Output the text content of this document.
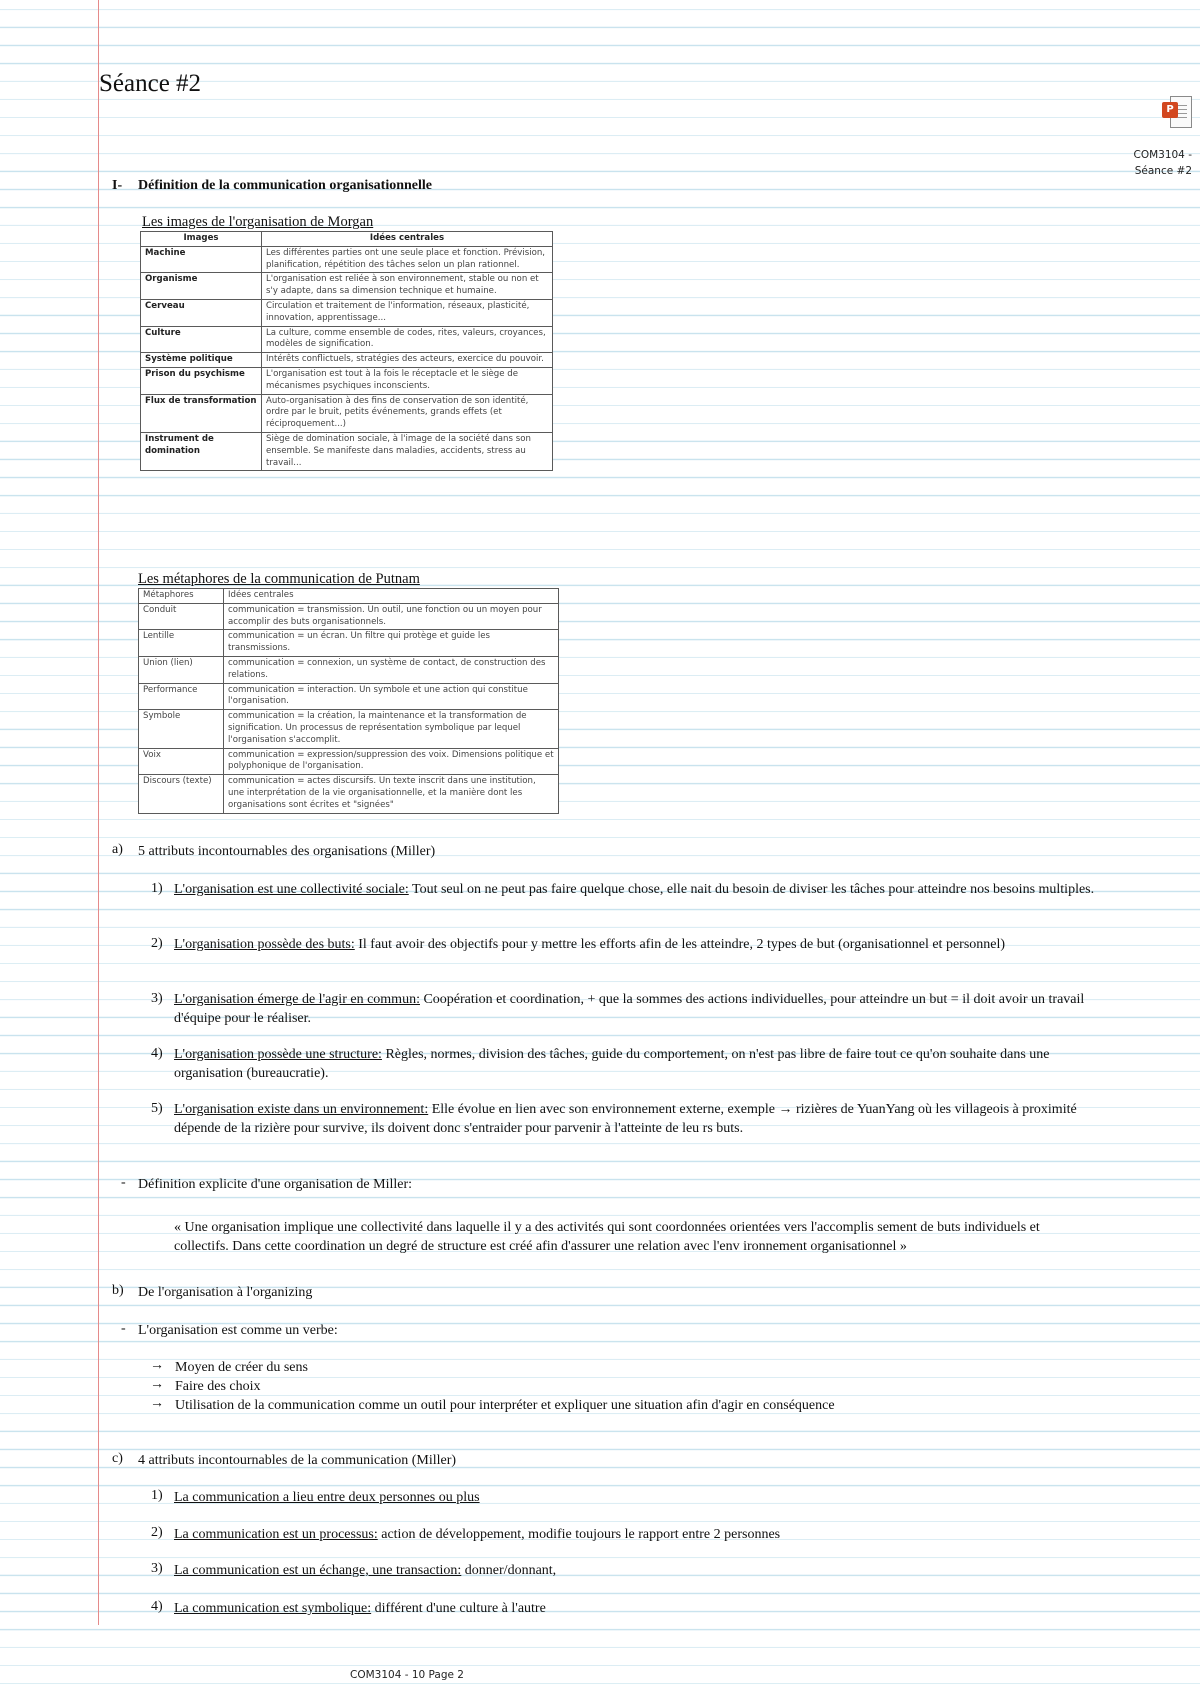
Séance #2
P
COM3104 -
Séance #2
I- Définition de la communication organisationnelle
Les images de l'organisation de Morgan
Images	Idées centrales
Machine	Les différentes parties ont une seule place et fonction. Prévision, planification, répétition des tâches selon un plan rationnel.
Organisme	L'organisation est reliée à son environnement, stable ou non et s'y adapte, dans sa dimension technique et humaine.
Cerveau	Circulation et traitement de l'information, réseaux, plasticité, innovation, apprentissage...
Culture	La culture, comme ensemble de codes, rites, valeurs, croyances, modèles de signification.
Système politique	Intérêts conflictuels, stratégies des acteurs, exercice du pouvoir.
Prison du psychisme	L'organisation est tout à la fois le réceptacle et le siège de mécanismes psychiques inconscients.
Flux de transformation	Auto-organisation à des fins de conservation de son identité, ordre par le bruit, petits événements, grands effets (et réciproquement...)
Instrument de domination	Siège de domination sociale, à l'image de la société dans son ensemble. Se manifeste dans maladies, accidents, stress au travail...
Les métaphores de la communication de Putnam
Métaphores	Idées centrales
Conduit	communication = transmission. Un outil, une fonction ou un moyen pour accomplir des buts organisationnels.
Lentille	communication = un écran. Un filtre qui protège et guide les transmissions.
Union (lien)	communication = connexion, un système de contact, de construction des relations.
Performance	communication = interaction. Un symbole et une action qui constitue l'organisation.
Symbole	communication = la création, la maintenance et la transformation de signification. Un processus de représentation symbolique par lequel l'organisation s'accomplit.
Voix	communication = expression/suppression des voix. Dimensions politique et polyphonique de l'organisation.
Discours (texte)	communication = actes discursifs. Un texte inscrit dans une institution, une interprétation de la vie organisationnelle, et la manière dont les organisations sont écrites et "signées"
a) 5 attributs incontournables des organisations (Miller)
1) L'organisation est une collectivité sociale: Tout seul on ne peut pas faire quelque chose, elle nait du besoin de diviser les tâches pour atteindre nos besoins multiples.
2) L'organisation possède des buts: Il faut avoir des objectifs pour y mettre les efforts afin de les atteindre, 2 types de but (organisationnel et personnel)
3) L'organisation émerge de l'agir en commun: Coopération et coordination, + que la sommes des actions individuelles, pour atteindre un but = il doit avoir un travail d'équipe pour le réaliser.
4) L'organisation possède une structure: Règles, normes, division des tâches, guide du comportement, on n'est pas libre de faire tout ce qu'on souhaite dans une organisation (bureaucratie).
5) L'organisation existe dans un environnement: Elle évolue en lien avec son environnement externe, exemple → rizières de YuanYang où les villageois à proximité dépende de la rizière pour survive, ils doivent donc s'entraider pour parvenir à l'atteinte de leu rs buts.
- Définition explicite d'une organisation de Miller:
« Une organisation implique une collectivité dans laquelle il y a des activités qui sont coordonnées orientées vers l'accomplis sement de buts individuels et collectifs. Dans cette coordination un degré de structure est créé afin d'assurer une relation avec l'env ironnement organisationnel »
b) De l'organisation à l'organizing
- L'organisation est comme un verbe:
→ Moyen de créer du sens
→ Faire des choix
→ Utilisation de la communication comme un outil pour interpréter et expliquer une situation afin d'agir en conséquence
c) 4 attributs incontournables de la communication (Miller)
1) La communication a lieu entre deux personnes ou plus
2) La communication est un processus: action de développement, modifie toujours le rapport entre 2 personnes
3) La communication est un échange, une transaction: donner/donnant,
4) La communication est symbolique: différent d'une culture à l'autre
COM3104 - 10 Page 2
